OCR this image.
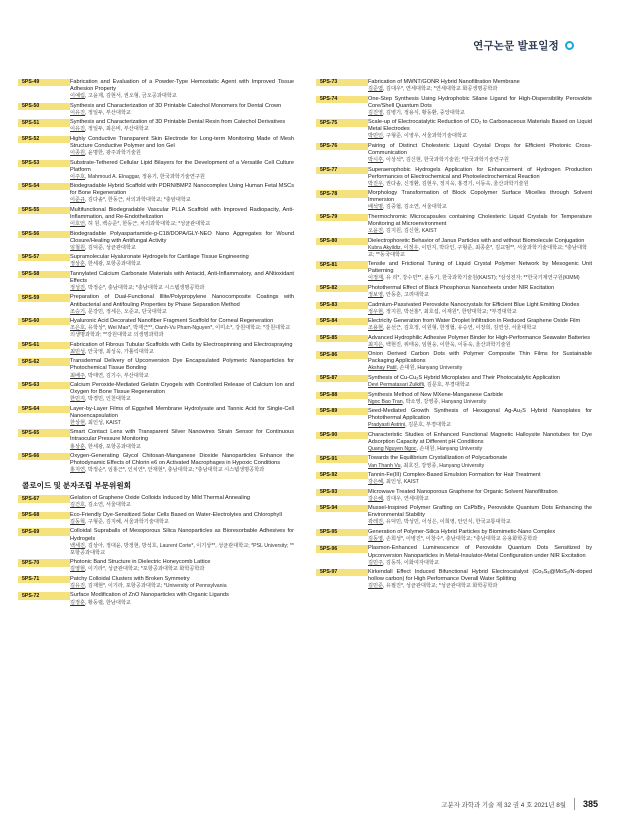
연구논문 발표일정
5PS-49	Fabrication and Evaluation of a Powder-Type Hemostatic Agent with Improved Tissue Adhesion Property
이예림, 고윤제, 김현서, 권오형, 금오공과대학교
5PS-50	Synthesis and Characterization of 3D Printable Catechol Monomers for Dental Crown
이유진, 정일두, 부산대학교
5PS-51	Synthesis and Characterization of 3D Printable Dental Resin from Catechol Derivatives
이유진, 정일두, 최은비, 부산대학교
5PS-52	Highly Conductive Transparent Skin Electrode for Long-term Monitoring Made of Mesh Structure Conductive Polymer and Ion Gel
이종원, 윤명한, 광주과학기술원
5PS-53	Substrate-Tethered Cellular Lipid Bilayers for the Development of a Versatile Cell Culture Platform
이주호, Mahmoud A. Elnaggar, 정용기, 한국과학기술연구원
5PS-54	Biodegradable Hybrid Scaffold with PDRN/BMP2 Nanocomplex Using Human Fetal MSCs for Bone Regeneration
이준규, 김다솔*, 한동근, 차의과학대학교; *충암대학교
5PS-55	Multifunctional Biodegradable Vascular PLLA Scaffold with Improved Radiopacity, Anti-Inflammation, and Re-Endothelization
이호언, 허 원, 백승준*, 한동근, 차의과학대학교; *성균관대학교
5PS-56	Biodegradable Polyaspartamide-g-C18/DOPA/GLY-NEO Nano Aggregates for Wound Closure/Healing with Antifungal Activity
임철원, 김덕준, 성균관대학교
5PS-57	Supramolecular Hyaluronate Hydrogels for Cartilage Tissue Engineering
정상훈, 한세광, 포항공과대학교
5PS-58	Tannylated Calcium Carbonate Materials with Antacid, Anti-Inflammatory, and ANtioxidant Effects
정성진, 박정순*, 충남대학교; *충남대학교 시스템생명공학과
5PS-59	Preparation of Dual-Functional Illite/Polypropylene Nanocomposite Coatings with Antibacterial and Antifouling Properties by Phase Separation Method
조승기, 문강민, 정세은, 오준교, 단국대학교
5PS-60	Hyaluronic Acid Decorated Nanofiber Fragment Scaffold for Corneal Regeneration
조은호, 유학상*, Wei Mao*, 박재근**, Oanh-Vu Pham-Nguyen*, 이미소*, 강원대학교; *강원대학교 의생명과학과; **강원대학교 의생명과학과
5PS-61	Fabrication of Fibrous Tubular Scaffolds with Cells by Electrospinning and Electrospraying
최민성, 안국영, 최성욱, 가톨릭대학교
5PS-62	Transdermal Delivery of Upconversion Dye Encapsulated Polymeric Nanoparticles for Photochemical Tissue Bonding
최배주, 박태연, 김기수, 부산대학교
5PS-63	Calcium Peroxide-Mediated Gelatin Cryogels with Controlled Release of Calcium Ion and Oxygen for Bone Tissue Regeneration
한민지, 박경민, 인천대학교
5PS-64	Layer-by-Layer Films of Eggshell Membrane Hydrolysate and Tannic Acid for Single-Cell Nanoencapsulation
한상현, 최인성, KAIST
5PS-65	Smart Contact Lens with Transparent Silver Nanowires Strain Sensor for Continuous Intraocular Pressure Monitoring
홍상훈, 한세광, 포항공과대학교
5PS-66	Oxygen-Generating Glycol Chitosan-Manganese Dioxide Nanoparticles Enhance the Photodynamic Effects of Chlorin e6 on Activated Macrophages in Hypoxic Conditions
홍지연, 박정순*, 임홍근*, 인치연*, 안재현*, 충남대학교; *충남대학교 시스템생명공학과
콜로이드 및 분자조립 부문위원회
5PS-67	Gelation of Graphene Oxide Colloids Induced by Mild Thermal Annealing
김건호, 김소연, 서울대학교
5PS-68	Eco-Friendly Dye-Sensitized Solar Cells Based on Water-Electrolytes and Chlorophyll
김동혁, 구형준, 김지혜, 서울과학기술대학교
5PS-69	Colloidal Supraballs of Mesoporous Silica Nanoparticles as Bioresorbable Adhesives for Hydrogels
백세진, 김상아, 정대윤, 방정현, 방석호, Laurent Corte*, 이기상**, 성균관대학교; *PSL University; **포항공과대학교
5PS-70	Photonic Band Structure in Dielectric Honeycomb Lattice
김영현, 이기라*, 성균관대학교; *포항공과대학교 화학공학과
5PS-71	Patchy Colloidal Clusters with Broken Symmetry
김유진, 김재현*, 이기라, 포항공과대학교; *University of Pennsylvania
5PS-72	Surface Modification of ZnO Nanoparticles with Organic Ligands
김정훈, 황동렬, 한남대학교
5PS-73	Fabrication of MWNT/GONR Hybrid Nanofiltration Membrane
김준엽, 김대우*, 연세대학교; *연세대학교 화공생명공학과
5PS-74	One-Step Synthesis Using Hydrophobic Silane Ligand for High-Dispersibility Perovskite Core/Shell Quantum Dots
김진영, 김병기, 정용식, 황동환, 중앙대학교
5PS-75	Scale-up of Electrocatalytic Reduction of CO₂ to Carbonaceous Materials Based on Liquid Metal Electrodes
박민인, 구형준, 이영우, 서울과학기술대학교
5PS-76	Pairing of Distinct Cholesteric Liquid Crystal Drops for Efficient Photonic Cross-Communication
박시후, 이상석*, 김신현, 한국과학기술원; *한국과학기술연구원
5PS-77	Superaerophobic Hydrogels Application for Enhancement of Hydrogen Production Performances of Electrochemical and Photoelectrochemical Reaction
박진우, 권다솔, 신정환, 김현우, 정지욱, 홍경기, 이동욱, 울산과학기술원
5PS-78	Morphology Transformation of Block Copolymer Surface Micelles through Solvent Immersion
배석명, 김중협, 김소연, 서울대학교
5PS-79	Thermochromic Microcapsules containing Cholesteric Liquid Crystals for Temperature Monitoring at Microenvironment
오윤진, 김지원, 김신현, KAIST
5PS-80	Dielectrophoretic Behavior of Janus Particles with and without Biomolecule Conjugation
Kubra Akyildiz, 이정우, 이민지, 박다인, 구형준, 최종훈*, 김교범**, 서울과학기술대학교; *충남대학교; **동국대학교
5PS-81	Tensile and Frictional Tuning of Liquid Crystal Polymer Network by Mesogenic Unit Patterning
이정재, 유 리*, 강수민**, 윤동기, 한국과학기술원(KAIST); *삼성전자; **한국기계연구원(KIMM)
5PS-82	Photothermal Effect of Black Phosphorus Nanosheets under NIR Excitation
정보영, 안동훈, 고려대학교
5PS-83	Cadmium-Passivated Perovskite Nanocrystals for Efficient Blue Light Emitting Diodes
정우현, 정지원, 박선홍*, 최호섭, 이재원*, 한양대학교; *부경대학교
5PS-84	Electricity Generation from Water Droplet Infiltration in Reduced Graphene Oxide Film
조용현, 윤선근, 김호정, 이원형, 한정협, 유승연, 이장희, 김연상, 서울대학교
5PS-85	Advanced Hydrophilic Adhesive Polymer Binder for High-Performance Seawater Batteries
최지은, 백현진, 위태웅, 임현웅, 이한욱, 이동욱, 울산과학기술원
5PS-86	Onion Derived Carbon Dots with Polymer Composite Thin Films for Sustainable Packaging Applications
Akshay Patil, 손대원, Hanyang University
5PS-87	Synthesis of Cu-Cu₂S Hybrid Microplates and Their Photocatalytic Application
Devi Permatasari Zulkifli, 김문호, 부경대학교
5PS-88	Synthesis Method of New MXene-Manganese Carbide
Ngoc Bao Tran, 박소영, 강영종, Hanyang University
5PS-89	Seed-Mediated Growth Synthesis of Hexagonal Ag-Au₂S Hybrid Nanoplates for Photothermal Application
Pradyasti Astrini, 김문호, 부경대학교
5PS-90	Characteristic Studies of Enhanced Functional Magnetic Halloysite Nanotubes for Dye Adsorption Capacity at Different pH Conditions
Quang Nguyen Ngoc, 손대원, Hanyang University
5PS-91	Towards the Equilibrium Crystallization of Polycarbonate
Van Thanh Vu, 최호진, 강영종, Hanyang University
5PS-92	Tannin-Fe(III) Complex-Based Emulsion Formation for Hair Treatment
강은혜, 최인성, KAIST
5PS-93	Microwave Treated Nanoporous Graphene for Organic Solvent Nanofiltration
강은혜, 김대우, 연세대학교
5PS-94	Mussel-Inspired Polymer Grafting on CsPbBr₃ Perovskite Quantum Dots Enhancing the Environmental Stability
곽레진, 유덕민, 박성민, 이성은, 이희영, 안인식, 한국교통대학교
5PS-95	Generation of Polymer-Silica Hybrid Particles by Biomimetic-Nano Complex
김동영, 손희성*, 이병진*, 이창수*, 충남대학교; *충남대학교 응용화학공학과
5PS-96	Plasmon-Enhanced Luminescence of Perovskite Quantum Dots Sensitized by Upconversion Nanoparticles in Metal-Insulator-Metal Configuration under NIR Excitation
김민주, 김동하, 이화여자대학교
5PS-97	Kirkendall Effect Induced Bifunctional Hybrid Electrocatalyst (Co₉S₈@MoS₂/N-doped hollow carbon) for High Performance Overall Water Splitting
김민준, 유필진*, 성균관대학교; *성균관대학교 화학공학과
고분자 과학과 기술 제 32 권 4 호 2021년 8월 385
